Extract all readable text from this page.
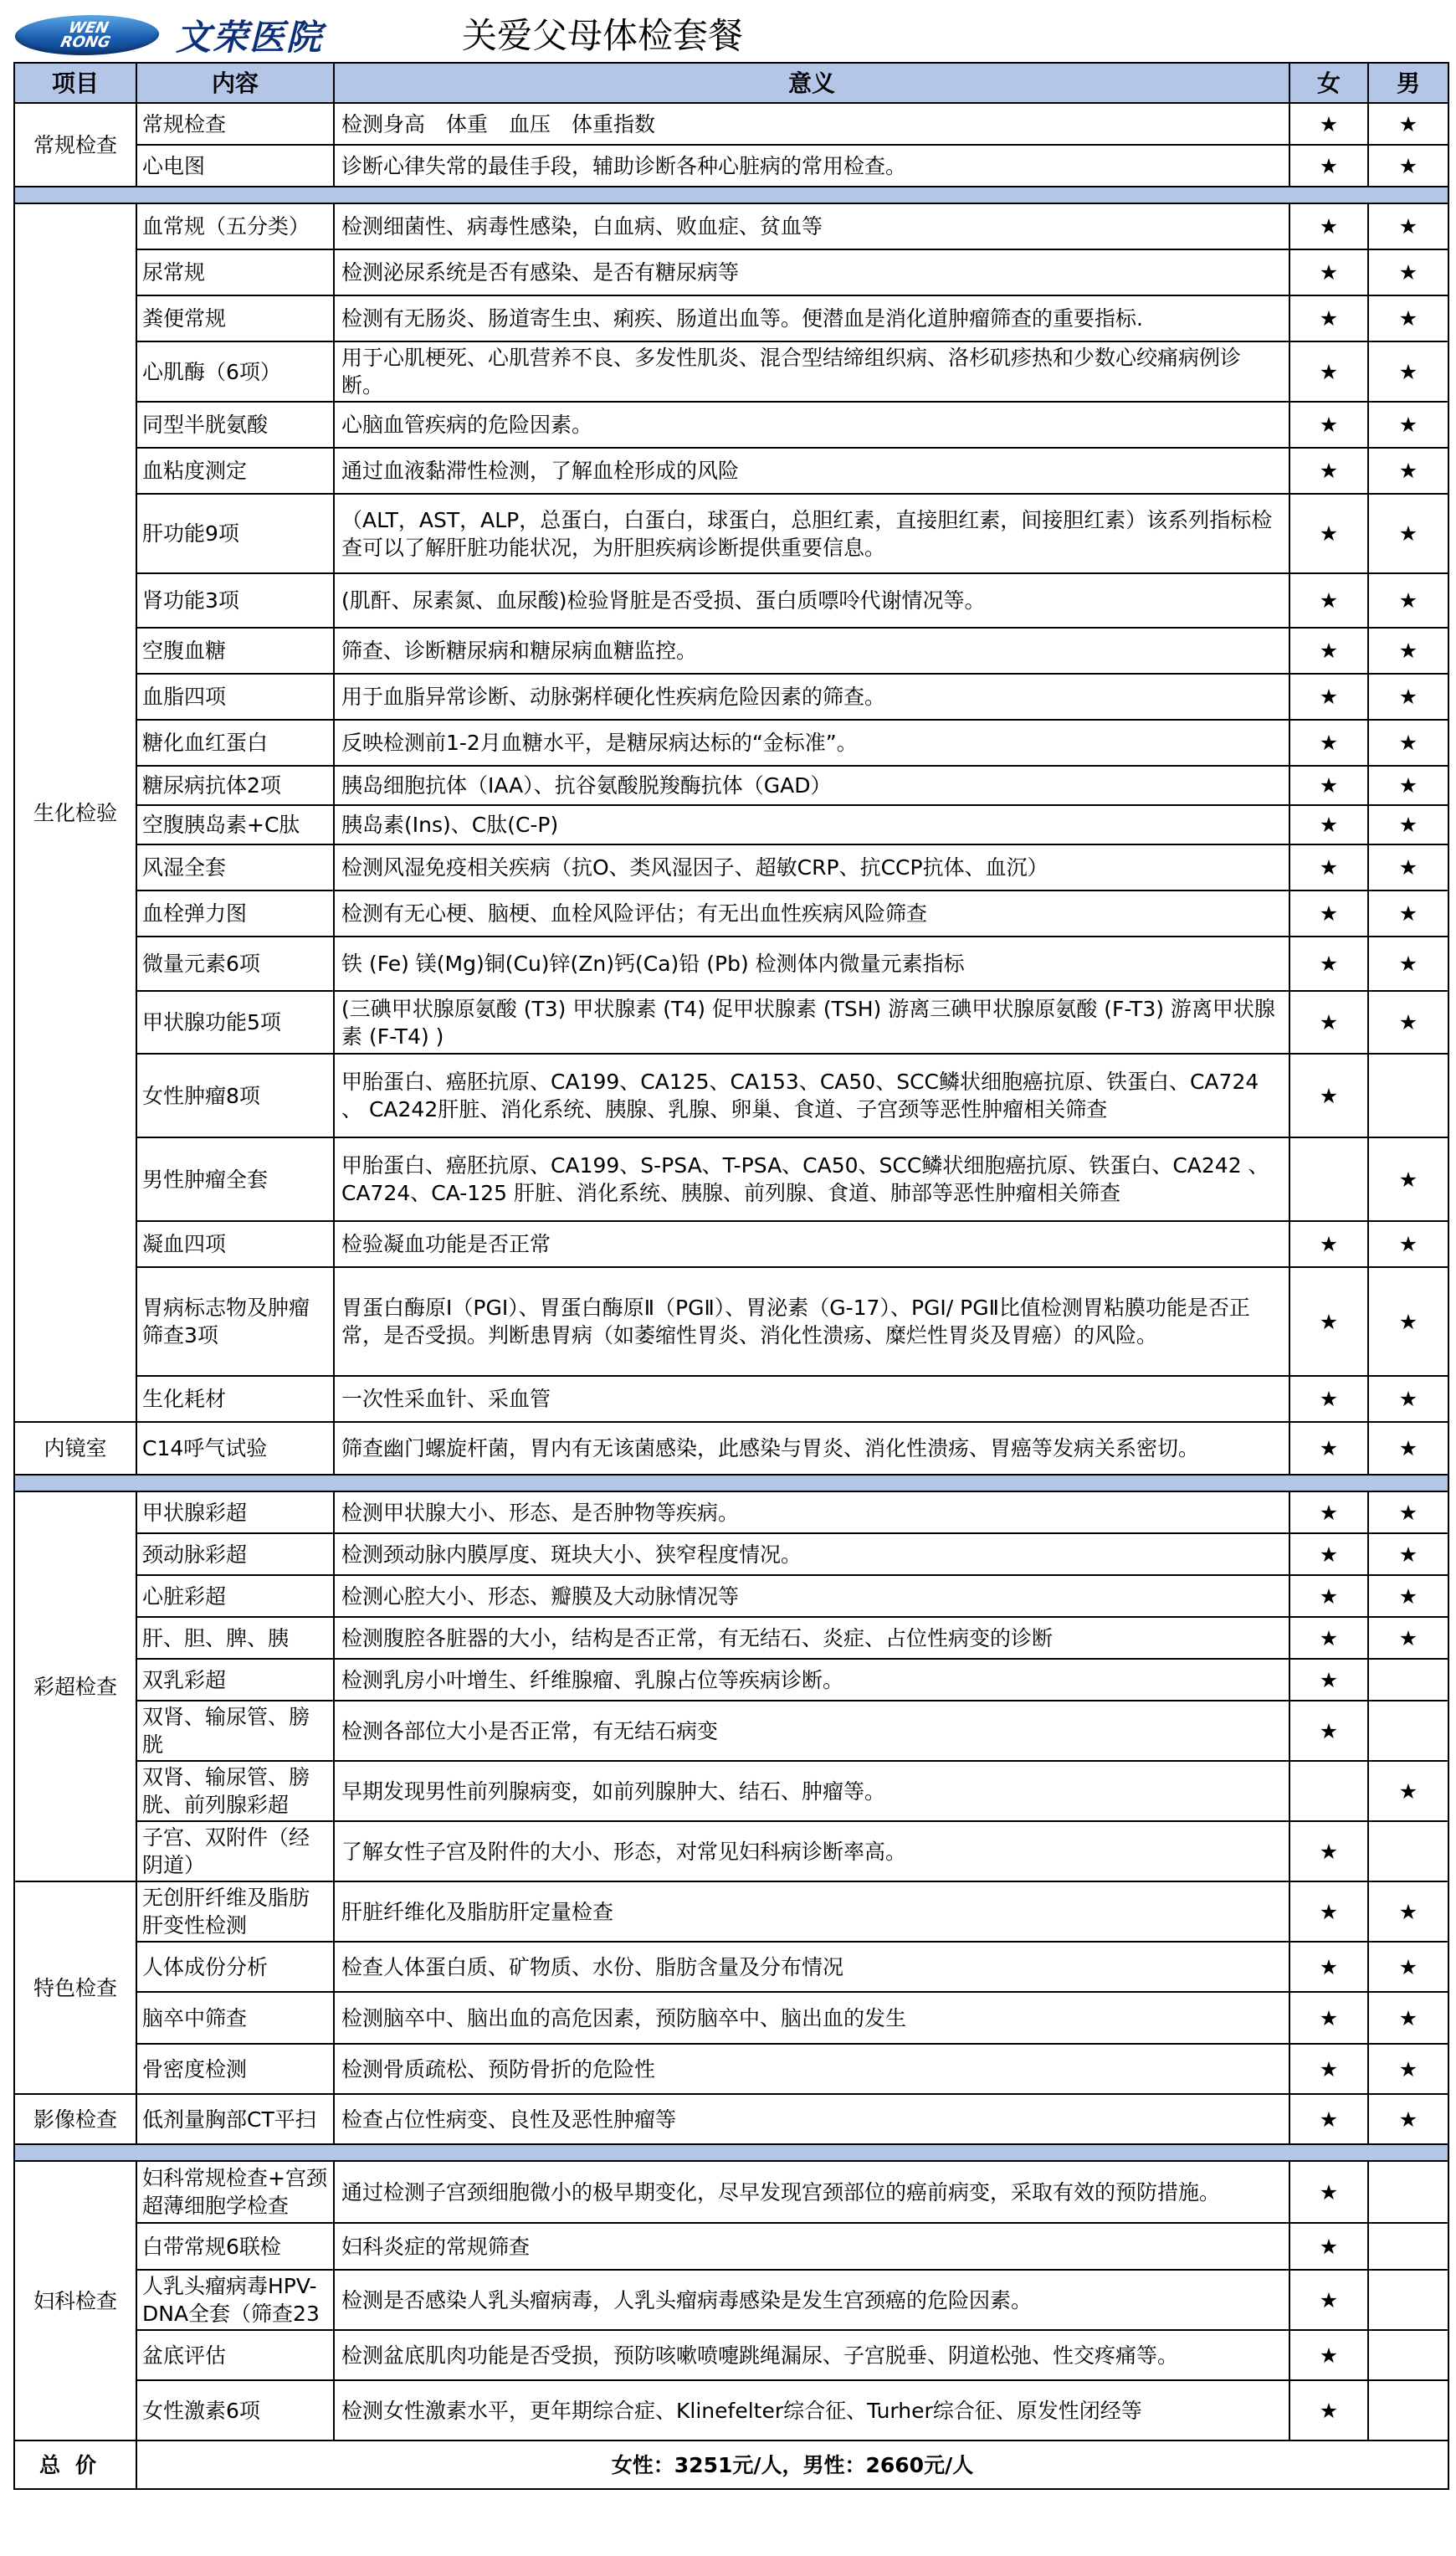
WEN
RONG	文荣医院	关爱父母体检套餐
项目	内容	意义	女	男
常规检查	常规检查	检测身高　体重　血压　体重指数	★	★
	心电图	诊断心律失常的最佳手段，辅助诊断各种心脏病的常用检查。	★	★

生化检验	血常规（五分类）	检测细菌性、病毒性感染，白血病、败血症、贫血等	★	★
	尿常规	检测泌尿系统是否有感染、是否有糖尿病等	★	★
	粪便常规	检测有无肠炎、肠道寄生虫、痢疾、肠道出血等。便潜血是消化道肿瘤筛查的重要指标.	★	★
	心肌酶（6项）	用于心肌梗死、心肌营养不良、多发性肌炎、混合型结缔组织病、洛杉矶疹热和少数心绞痛病例诊断。	★	★
	同型半胱氨酸	心脑血管疾病的危险因素。	★	★
	血粘度测定	通过血液黏滞性检测，了解血栓形成的风险	★	★
	肝功能9项	（ALT，AST，ALP，总蛋白，白蛋白，球蛋白，总胆红素，直接胆红素，间接胆红素）该系列指标检查可以了解肝脏功能状况，为肝胆疾病诊断提供重要信息。	★	★
	肾功能3项	(肌酐、尿素氮、血尿酸)检验肾脏是否受损、蛋白质嘌呤代谢情况等。	★	★
	空腹血糖	筛查、诊断糖尿病和糖尿病血糖监控。	★	★
	血脂四项	用于血脂异常诊断、动脉粥样硬化性疾病危险因素的筛查。	★	★
	糖化血红蛋白	反映检测前1-2月血糖水平，是糖尿病达标的“金标准”。	★	★
	糖尿病抗体2项	胰岛细胞抗体（IAA）、抗谷氨酸脱羧酶抗体（GAD）	★	★
	空腹胰岛素+C肽	胰岛素(Ins)、C肽(C-P)	★	★
	风湿全套	检测风湿免疫相关疾病（抗O、类风湿因子、超敏CRP、抗CCP抗体、血沉）	★	★
	血栓弹力图	检测有无心梗、脑梗、血栓风险评估；有无出血性疾病风险筛查	★	★
	微量元素6项	铁 (Fe) 镁(Mg)铜(Cu)锌(Zn)钙(Ca)铅 (Pb) 检测体内微量元素指标	★	★
	甲状腺功能5项	(三碘甲状腺原氨酸 (T3) 甲状腺素 (T4) 促甲状腺素 (TSH) 游离三碘甲状腺原氨酸 (F-T3) 游离甲状腺素 (F-T4) )	★	★
	女性肿瘤8项	甲胎蛋白、癌胚抗原、CA199、CA125、CA153、CA50、SCC鳞状细胞癌抗原、铁蛋白、CA724 、 CA242肝脏、消化系统、胰腺、乳腺、卵巢、食道、子宫颈等恶性肿瘤相关筛查	★	
	男性肿瘤全套	甲胎蛋白、癌胚抗原、CA199、S-PSA、T-PSA、CA50、SCC鳞状细胞癌抗原、铁蛋白、CA242 、CA724、CA-125 肝脏、消化系统、胰腺、前列腺、食道、肺部等恶性肿瘤相关筛查		★
	凝血四项	检验凝血功能是否正常	★	★
	胃病标志物及肿瘤筛查3项	胃蛋白酶原Ⅰ（PGⅠ）、胃蛋白酶原Ⅱ（PGⅡ）、胃泌素（G-17）、PGⅠ/ PGⅡ比值检测胃粘膜功能是否正常，是否受损。判断患胃病（如萎缩性胃炎、消化性溃疡、糜烂性胃炎及胃癌）的风险。	★	★
	生化耗材	一次性采血针、采血管	★	★
内镜室	C14呼气试验	筛查幽门螺旋杆菌，胃内有无该菌感染，此感染与胃炎、消化性溃疡、胃癌等发病关系密切。	★	★

彩超检查	甲状腺彩超	检测甲状腺大小、形态、是否肿物等疾病。	★	★
	颈动脉彩超	检测颈动脉内膜厚度、斑块大小、狭窄程度情况。	★	★
	心脏彩超	检测心腔大小、形态、瓣膜及大动脉情况等	★	★
	肝、胆、脾、胰	检测腹腔各脏器的大小，结构是否正常，有无结石、炎症、占位性病变的诊断	★	★
	双乳彩超	检测乳房小叶增生、纤维腺瘤、乳腺占位等疾病诊断。	★	
	双肾、输尿管、膀胱	检测各部位大小是否正常，有无结石病变	★	
	双肾、输尿管、膀胱、前列腺彩超	早期发现男性前列腺病变，如前列腺肿大、结石、肿瘤等。		★
	子宫、双附件（经阴道）	了解女性子宫及附件的大小、形态，对常见妇科病诊断率高。	★	
特色检查	无创肝纤维及脂肪肝变性检测	肝脏纤维化及脂肪肝定量检查	★	★
	人体成份分析	检查人体蛋白质、矿物质、水份、脂肪含量及分布情况	★	★
	脑卒中筛查	检测脑卒中、脑出血的高危因素，预防脑卒中、脑出血的发生	★	★
	骨密度检测	检测骨质疏松、预防骨折的危险性	★	★
影像检查	低剂量胸部CT平扫	检查占位性病变、良性及恶性肿瘤等	★	★

妇科检查	妇科常规检查+宫颈超薄细胞学检查	通过检测子宫颈细胞微小的极早期变化，尽早发现宫颈部位的癌前病变，采取有效的预防措施。	★	
	白带常规6联检	妇科炎症的常规筛查	★	
	人乳头瘤病毒HPV-DNA全套（筛查23	检测是否感染人乳头瘤病毒，人乳头瘤病毒感染是发生宫颈癌的危险因素。	★	
	盆底评估	检测盆底肌肉功能是否受损，预防咳嗽喷嚏跳绳漏尿、子宫脱垂、阴道松弛、性交疼痛等。	★	
	女性激素6项	检测女性激素水平，更年期综合症、Klinefelter综合征、Turher综合征、原发性闭经等	★	
总价	女性：3251元/人，男性：2660元/人			
